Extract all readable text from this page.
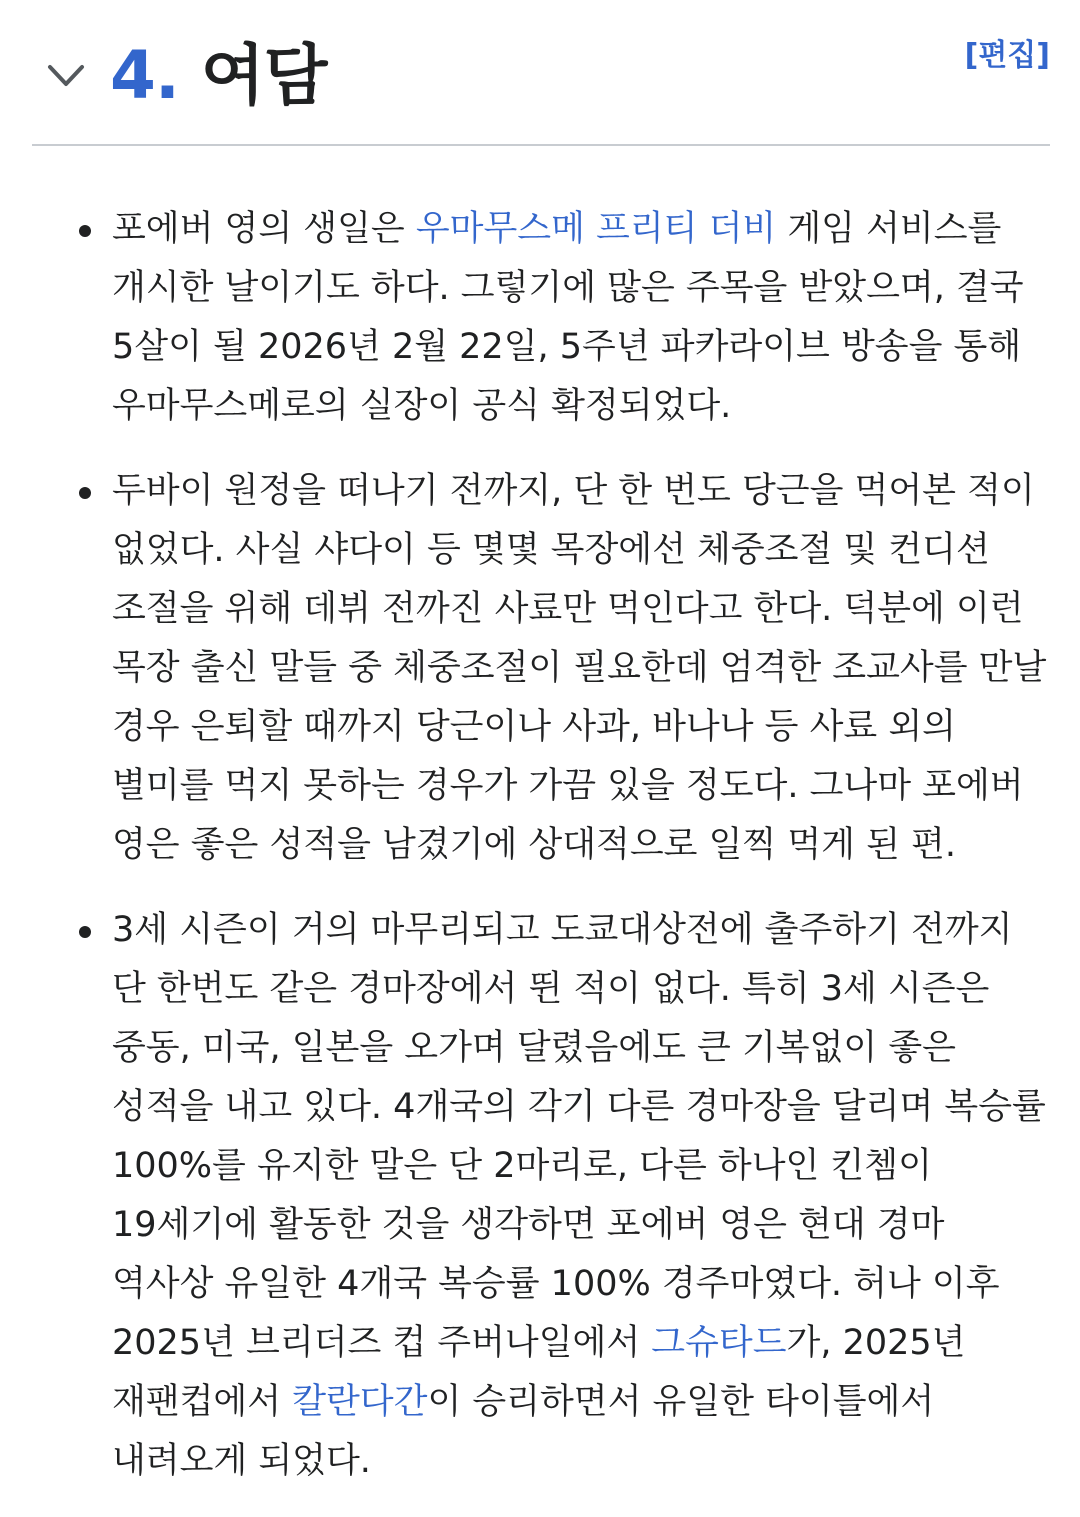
4. 여담	[편집]
포에버 영의 생일은 우마무스메 프리티 더비 게임 서비스를 개시한 날이기도 하다. 그렇기에 많은 주목을 받았으며, 결국 5살이 될 2026년 2월 22일, 5주년 파카라이브 방송을 통해 우마무스메로의 실장이 공식 확정되었다.
두바이 원정을 떠나기 전까지, 단 한 번도 당근을 먹어본 적이 없었다. 사실 샤다이 등 몇몇 목장에선 체중조절 및 컨디션 조절을 위해 데뷔 전까진 사료만 먹인다고 한다. 덕분에 이런 목장 출신 말들 중 체중조절이 필요한데 엄격한 조교사를 만날 경우 은퇴할 때까지 당근이나 사과, 바나나 등 사료 외의 별미를 먹지 못하는 경우가 가끔 있을 정도다. 그나마 포에버 영은 좋은 성적을 남겼기에 상대적으로 일찍 먹게 된 편.
3세 시즌이 거의 마무리되고 도쿄대상전에 출주하기 전까지 단 한번도 같은 경마장에서 뛴 적이 없다. 특히 3세 시즌은 중동, 미국, 일본을 오가며 달렸음에도 큰 기복없이 좋은 성적을 내고 있다. 4개국의 각기 다른 경마장을 달리며 복승률 100%를 유지한 말은 단 2마리로, 다른 하나인 킨쳄이 19세기에 활동한 것을 생각하면 포에버 영은 현대 경마 역사상 유일한 4개국 복승률 100% 경주마였다. 허나 이후 2025년 브리더즈 컵 주버나일에서 그슈타드가, 2025년 재팬컵에서 칼란다간이 승리하면서 유일한 타이틀에서 내려오게 되었다.
